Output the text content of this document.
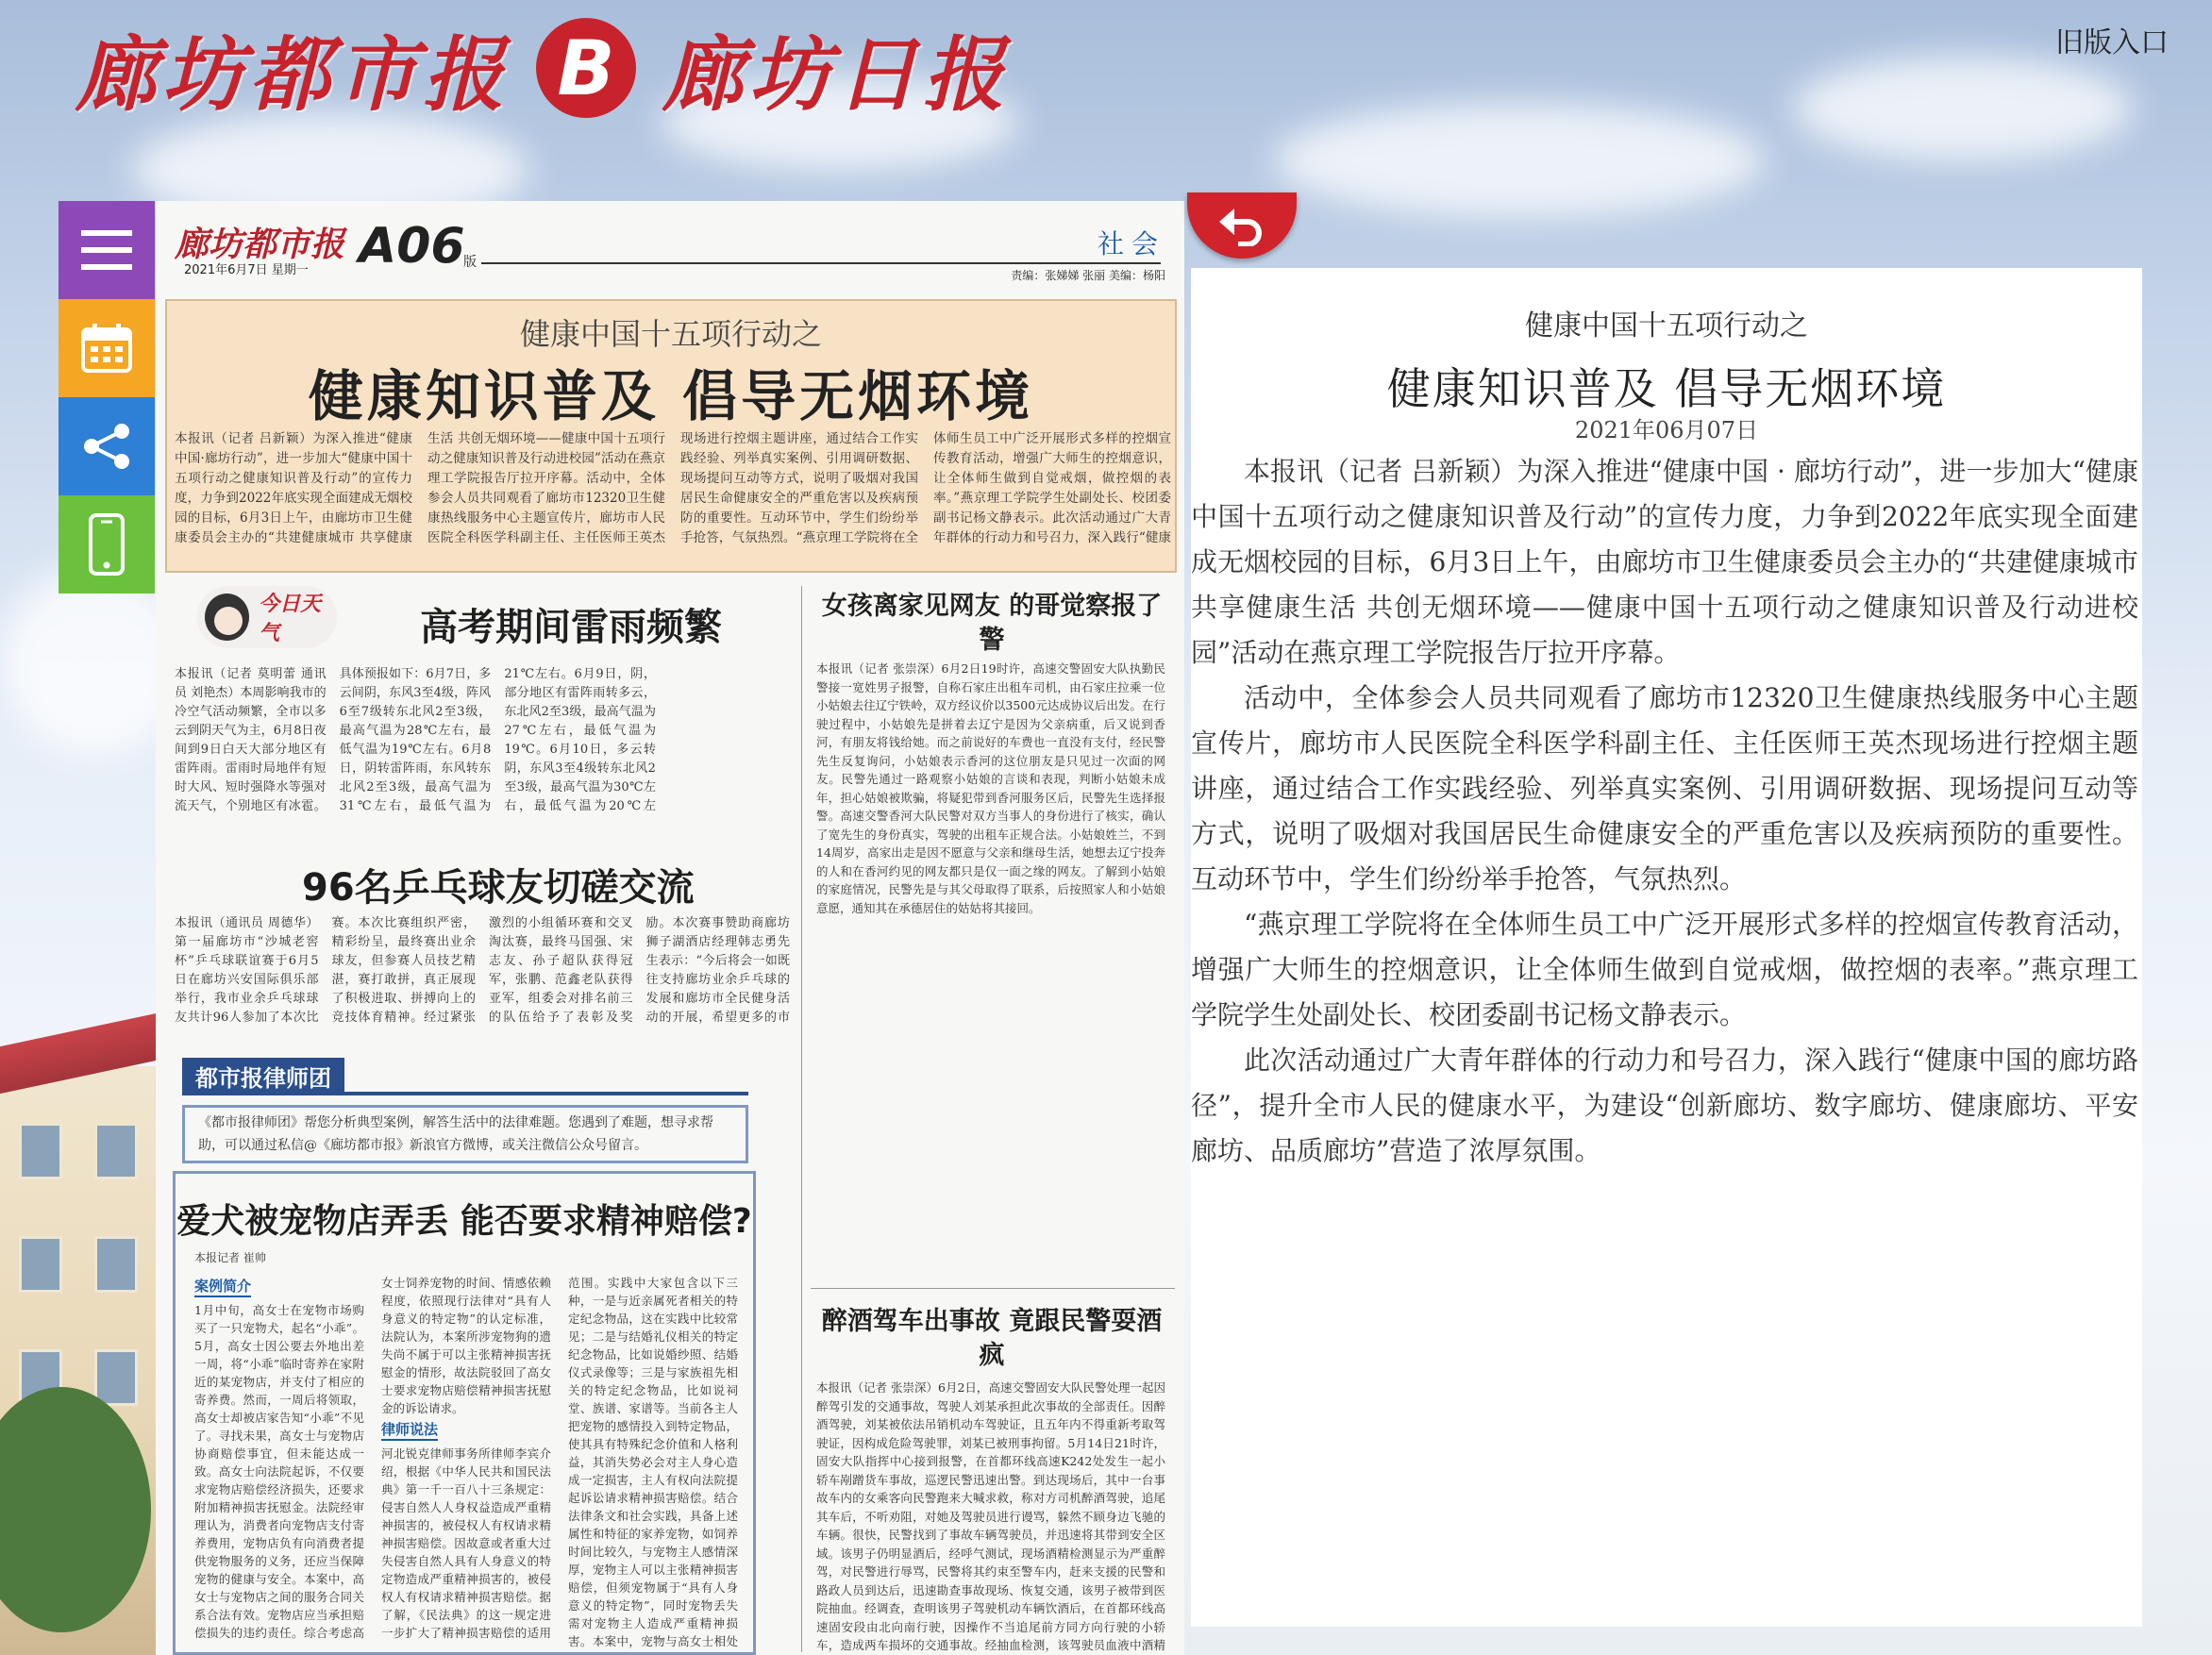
廊坊都市报 B 廊坊日报	旧版入口
廊坊都市报
2021年6月7日 星期一 A06
版
社会
责编：张娣娣 张丽 美编：杨阳
健康中国十五项行动之
健康知识普及 倡导无烟环境
本报讯（记者 吕新颖）为深入推进“健康中国·廊坊行动”，进一步加大“健康中国十五项行动之健康知识普及行动”的宣传力度，力争到2022年底实现全面建成无烟校园的目标，6月3日上午，由廊坊市卫生健康委员会主办的“共建健康城市 共享健康生活 共创无烟环境——健康中国十五项行动之健康知识普及行动进校园”活动在燕京理工学院报告厅拉开序幕。活动中，全体参会人员共同观看了廊坊市12320卫生健康热线服务中心主题宣传片，廊坊市人民医院全科医学科副主任、主任医师王英杰现场进行控烟主题讲座，通过结合工作实践经验、列举真实案例、引用调研数据、现场提问互动等方式，说明了吸烟对我国居民生命健康安全的严重危害以及疾病预防的重要性。互动环节中，学生们纷纷举手抢答，气氛热烈。“燕京理工学院将在全体师生员工中广泛开展形式多样的控烟宣传教育活动，增强广大师生的控烟意识，让全体师生做到自觉戒烟，做控烟的表率。”燕京理工学院学生处副处长、校团委副书记杨文静表示。此次活动通过广大青年群体的行动力和号召力，深入践行“健康
今日天气	高考期间雷雨频繁
本报讯（记者 莫明蕾 通讯员 刘艳杰）本周影响我市的冷空气活动频繁，全市以多云到阴天气为主，6月8日夜间到9日白天大部分地区有雷阵雨。雷雨时局地伴有短时大风、短时强降水等强对流天气，个别地区有冰雹。具体预报如下：6月7日，多云间阴，东风3至4级，阵风6至7级转东北风2至3级，最高气温为28℃左右，最低气温为19℃左右。6月8日，阴转雷阵雨，东风转东北风2至3级，最高气温为31℃左右，最低气温为21℃左右。6月9日，阴，部分地区有雷阵雨转多云，东北风2至3级，最高气温为27℃左右，最低气温为19℃。6月10日，多云转阴，东风3至4级转东北风2至3级，最高气温为30℃左右，最低气温为20℃左
96名乒乓球友切磋交流
本报讯（通讯员 周德华）第一届廊坊市“沙城老窖杯”乒乓球联谊赛于6月5日在廊坊兴安国际俱乐部举行，我市业余乒乓球球友共计96人参加了本次比赛。本次比赛组织严密，精彩纷呈，最终赛出业余球友，但参赛人员技艺精湛，赛打敢拼，真正展现了积极进取、拼搏向上的竞技体育精神。经过紧张激烈的小组循环赛和交叉淘汰赛，最终马国强、宋志友、孙子超队获得冠军，张鹏、范鑫老队获得亚军，组委会对排名前三的队伍给予了表彰及奖励。本次赛事赞助商廊坊狮子湖酒店经理韩志勇先生表示：“今后将会一如既往支持廊坊业余乒乓球的发展和廊坊市全民健身活动的开展，希望更多的市
女孩离家见网友 的哥觉察报了警
本报讯（记者 张崇深）6月2日19时许，高速交警固安大队执勤民警接一宽姓男子报警，自称石家庄出租车司机，由石家庄拉乘一位小姑娘去往辽宁铁岭，双方经议价以3500元达成协议后出发。在行驶过程中，小姑娘先是拼着去辽宁是因为父亲病重，后又说到香河，有朋友将钱给她。而之前说好的车费也一直没有支付，经民警先生反复询问，小姑娘表示香河的这位朋友是只见过一次面的网友。民警先通过一路观察小姑娘的言谈和表现，判断小姑娘未成年，担心姑娘被欺骗，将疑犯带到香河服务区后，民警先生选择报警。高速交警香河大队民警对双方当事人的身份进行了核实，确认了宽先生的身份真实，驾驶的出租车正规合法。小姑娘姓兰，不到14周岁，高家出走是因不愿意与父亲和继母生活，她想去辽宁投奔的人和在香河约见的网友都只是仅一面之缘的网友。了解到小姑娘的家庭情况，民警先是与其父母取得了联系，后按照家人和小姑娘意愿，通知其在承德居住的姑姑将其接回。
醉酒驾车出事故 竟跟民警耍酒疯
本报讯（记者 张崇深）6月2日，高速交警固安大队民警处理一起因醉驾引发的交通事故，驾驶人刘某承担此次事故的全部责任。因醉酒驾驶，刘某被依法吊销机动车驾驶证，且五年内不得重新考取驾驶证，因构成危险驾驶罪，刘某已被刑事拘留。5月14日21时许，固安大队指挥中心接到报警，在首都环线高速K242处发生一起小轿车剐蹭货车事故，巡逻民警迅速出警。到达现场后，其中一台事故车内的女乘客向民警跑来大喊求救，称对方司机醉酒驾驶，追尾其车后，不听劝阻，对她及驾驶员进行谩骂，躲然不顾身边飞驰的车辆。很快，民警找到了事故车辆驾驶员，并迅速将其带到安全区域。该男子仍明显酒后，经呼气测试，现场酒精检测显示为严重醉驾，对民警进行辱骂，民警将其约束至警车内，赶来支援的民警和路政人员到达后，迅速勘查事故现场、恢复交通，该男子被带到医院抽血。经调查，查明该男子驾驶机动车辆饮酒后，在首都环线高速固安段由北向南行驶，因操作不当追尾前方同方向行驶的小轿车，造成两车损坏的交通事故。经抽血检测，该驾驶员血液中酒精
都市报律师团
《都市报律师团》帮您分析典型案例，解答生活中的法律难题。您遇到了难题，想寻求帮助，可以通过私信@《廊坊都市报》新浪官方微博，或关注微信公众号留言。
爱犬被宠物店弄丢 能否要求精神赔偿?
本报记者 崔帅
案例简介
1月中旬，高女士在宠物市场购买了一只宠物犬，起名“小乖”。5月，高女士因公要去外地出差一周，将“小乖”临时寄养在家附近的某宠物店，并支付了相应的寄养费。然而，一周后将领取，高女士却被店家告知“小乖”不见了。寻找未果，高女士与宠物店协商赔偿事宜，但未能达成一致。高女士向法院起诉，不仅要求宠物店赔偿经济损失，还要求附加精神损害抚慰金。法院经审理认为，消费者向宠物店支付寄养费用，宠物店负有向消费者提供宠物服务的义务，还应当保障宠物的健康与安全。本案中，高女士与宠物店之间的服务合同关系合法有效。宠物店应当承担赔偿损失的违约责任。综合考虑高女士饲养宠物的时间、情感依赖程度，依照现行法律对“具有人身意义的特定物”的认定标准，法院认为，本案所涉宠物狗的遗失尚不属于可以主张精神损害抚慰金的情形，故法院驳回了高女士要求宠物店赔偿精神损害抚慰金的诉讼请求。
律师说法
河北锐克律师事务所律师李宾介绍，根据《中华人民共和国民法典》第一千一百八十三条规定：侵害自然人人身权益造成严重精神损害的，被侵权人有权请求精神损害赔偿。因故意或者重大过失侵害自然人具有人身意义的特定物造成严重精神损害的，被侵权人有权请求精神损害赔偿。据了解，《民法典》的这一规定进一步扩大了精神损害赔偿的适用范围。实践中大家包含以下三种，一是与近亲属死者相关的特定纪念物品，这在实践中比较常见；二是与结婚礼仪相关的特定纪念物品，比如说婚纱照、结婚仪式录像等；三是与家族祖先相关的特定纪念物品，比如说祠堂、族谱、家谱等。当前各主人把宠物的感情投入到特定物品，使其具有特殊纪念价值和人格利益，其消失势必会对主人身心造成一定损害，主人有权向法院提起诉讼请求精神损害赔偿。结合法律条文和社会实践，具备上述属性和特征的家养宠物，如饲养时间比较久，与宠物主人感情深厚，宠物主人可以主张精神损害赔偿，但须宠物属于“具有人身意义的特定物”，同时宠物丢失需对宠物主人造成严重精神损害。本案中，宠物与高女士相处
健康中国十五项行动之
健康知识普及 倡导无烟环境
2021年06月07日

本报讯（记者 吕新颖）为深入推进“健康中国 · 廊坊行动”，进一步加大“健康中国十五项行动之健康知识普及行动”的宣传力度，力争到2022年底实现全面建成无烟校园的目标，6月3日上午，由廊坊市卫生健康委员会主办的“共建健康城市 共享健康生活 共创无烟环境——健康中国十五项行动之健康知识普及行动进校园”活动在燕京理工学院报告厅拉开序幕。

活动中，全体参会人员共同观看了廊坊市12320卫生健康热线服务中心主题宣传片，廊坊市人民医院全科医学科副主任、主任医师王英杰现场进行控烟主题讲座，通过结合工作实践经验、列举真实案例、引用调研数据、现场提问互动等方式，说明了吸烟对我国居民生命健康安全的严重危害以及疾病预防的重要性。互动环节中，学生们纷纷举手抢答，气氛热烈。

“燕京理工学院将在全体师生员工中广泛开展形式多样的控烟宣传教育活动，增强广大师生的控烟意识，让全体师生做到自觉戒烟，做控烟的表率。”燕京理工学院学生处副处长、校团委副书记杨文静表示。

此次活动通过广大青年群体的行动力和号召力，深入践行“健康中国的廊坊路径”，提升全市人民的健康水平，为建设“创新廊坊、数字廊坊、健康廊坊、平安廊坊、品质廊坊”营造了浓厚氛围。
